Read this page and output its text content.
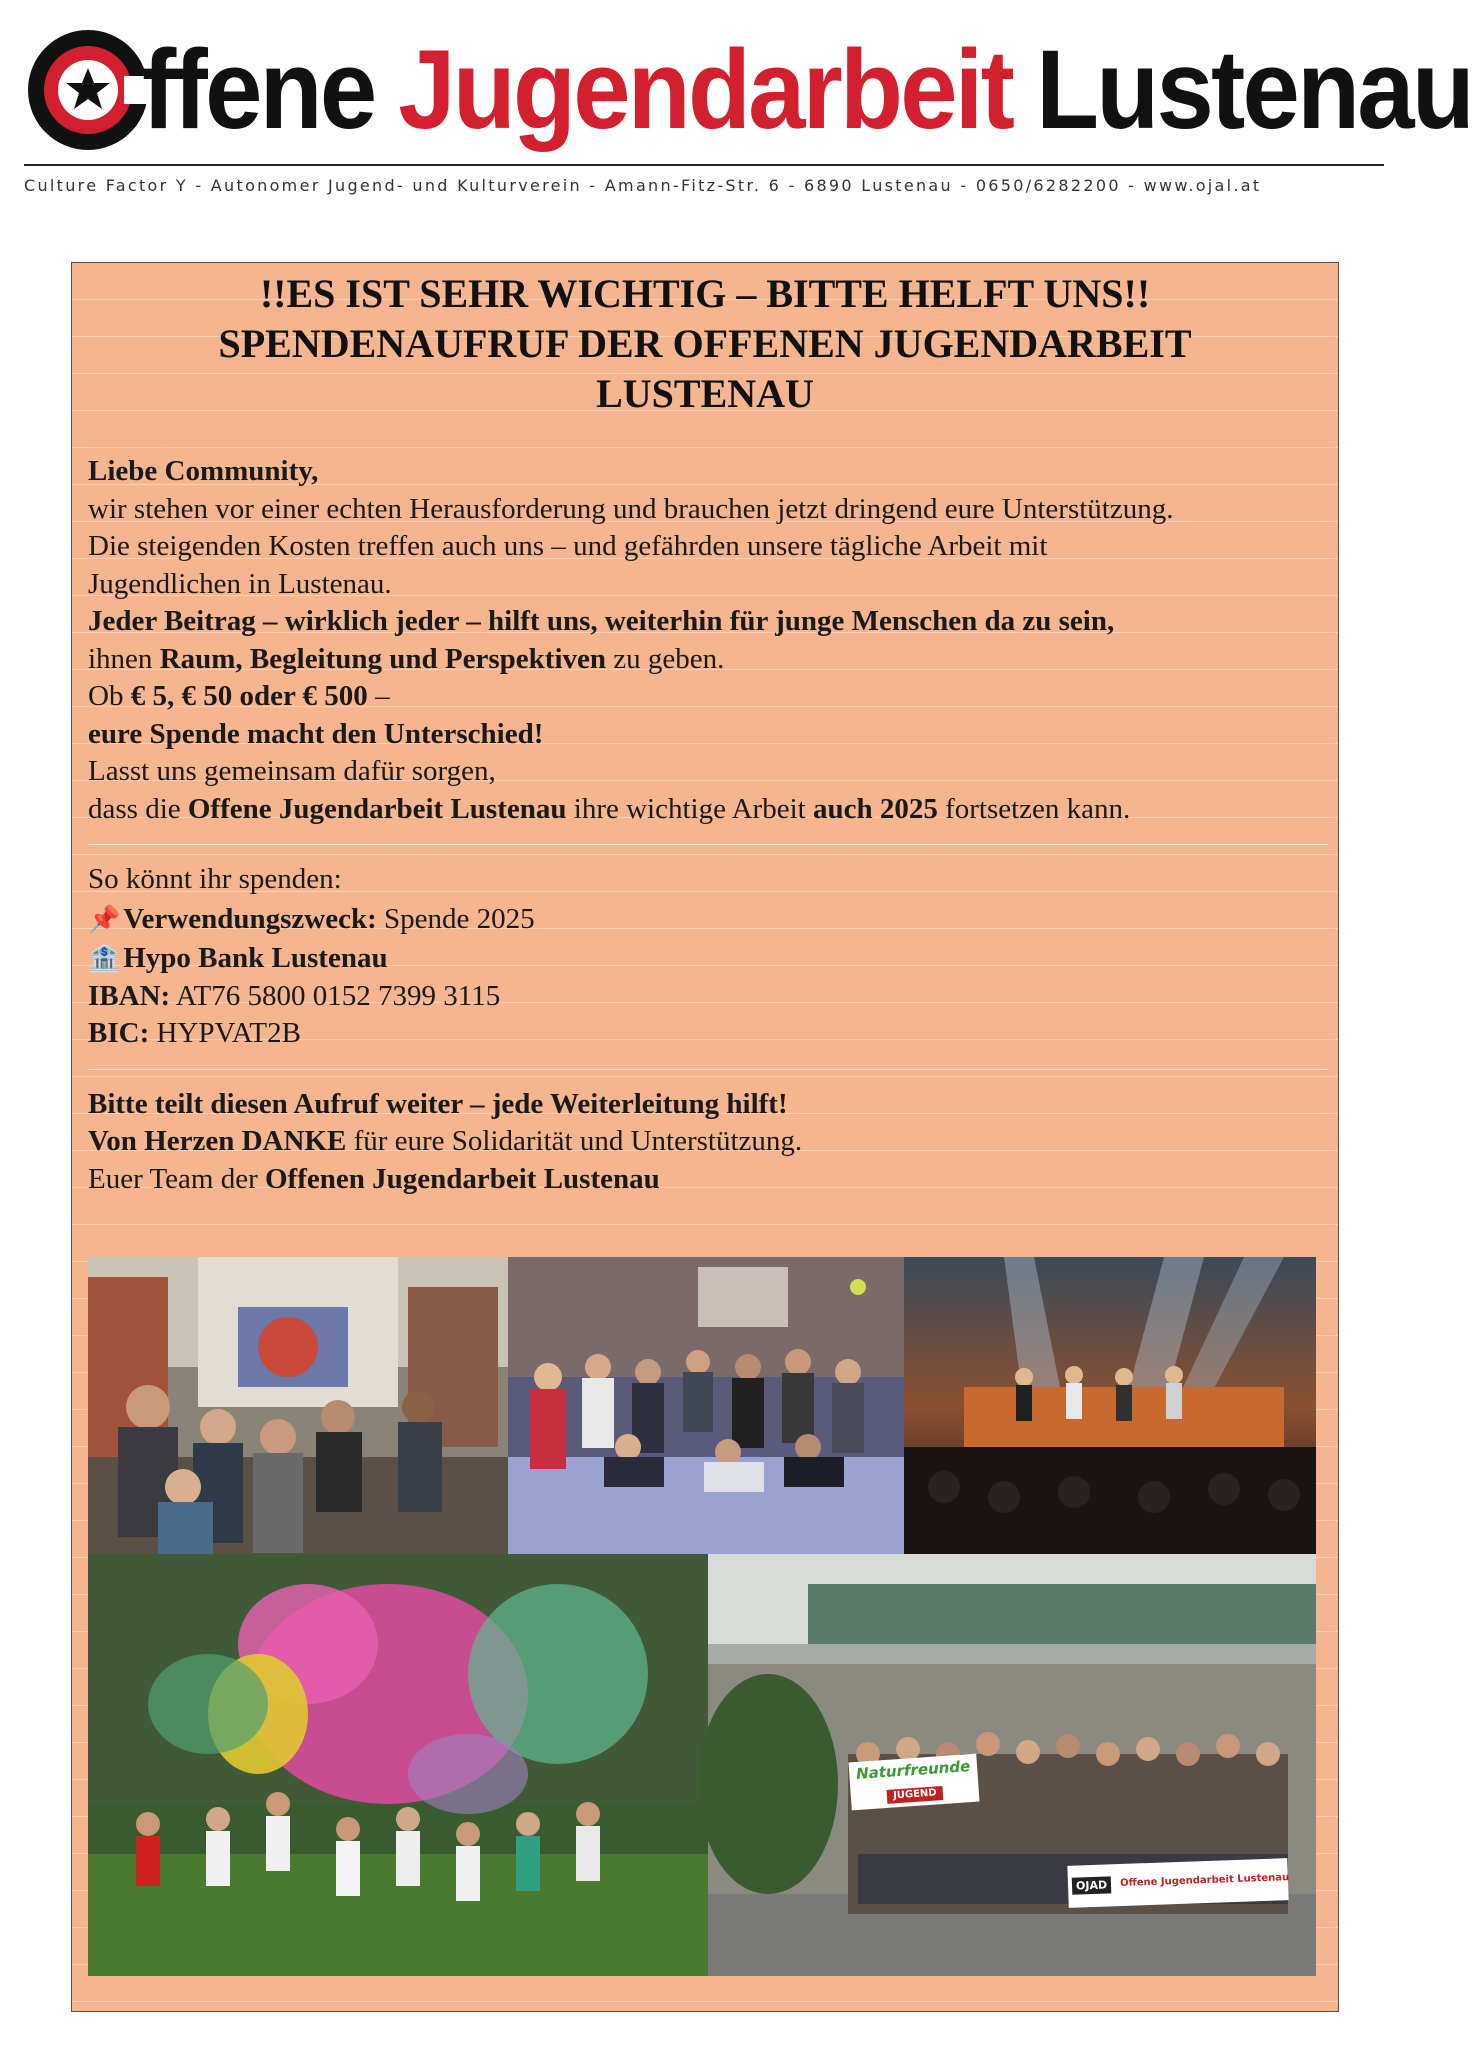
ffene Jugendarbeit Lustenau
Culture Factor Y - Autonomer Jugend- und Kulturverein - Amann-Fitz-Str. 6 - 6890 Lustenau - 0650/6282200 - www.ojal.at
!!ES IST SEHR WICHTIG – BITTE HELFT UNS!!
SPENDENAUFRUF DER OFFENEN JUGENDARBEIT
LUSTENAU

Liebe Community,

wir stehen vor einer echten Herausforderung und brauchen jetzt dringend eure Unterstützung.

Die steigenden Kosten treffen auch uns – und gefährden unsere tägliche Arbeit mit

Jugendlichen in Lustenau.

Jeder Beitrag – wirklich jeder – hilft uns, weiterhin für junge Menschen da zu sein,

ihnen Raum, Begleitung und Perspektiven zu geben.

Ob € 5, € 50 oder € 500 –

eure Spende macht den Unterschied!

Lasst uns gemeinsam dafür sorgen,

dass die Offene Jugendarbeit Lustenau ihre wichtige Arbeit auch 2025 fortsetzen kann.

So könnt ihr spenden:

📌 Verwendungszweck: Spende 2025

🏦 Hypo Bank Lustenau

IBAN: AT76 5800 0152 7399 3115

BIC: HYPVAT2B

Bitte teilt diesen Aufruf weiter – jede Weiterleitung hilft!

Von Herzen DANKE für eure Solidarität und Unterstützung.

Euer Team der Offenen Jugendarbeit Lustenau

Naturfreunde
JUGEND
OJAD Offene Jugendarbeit Lustenau
